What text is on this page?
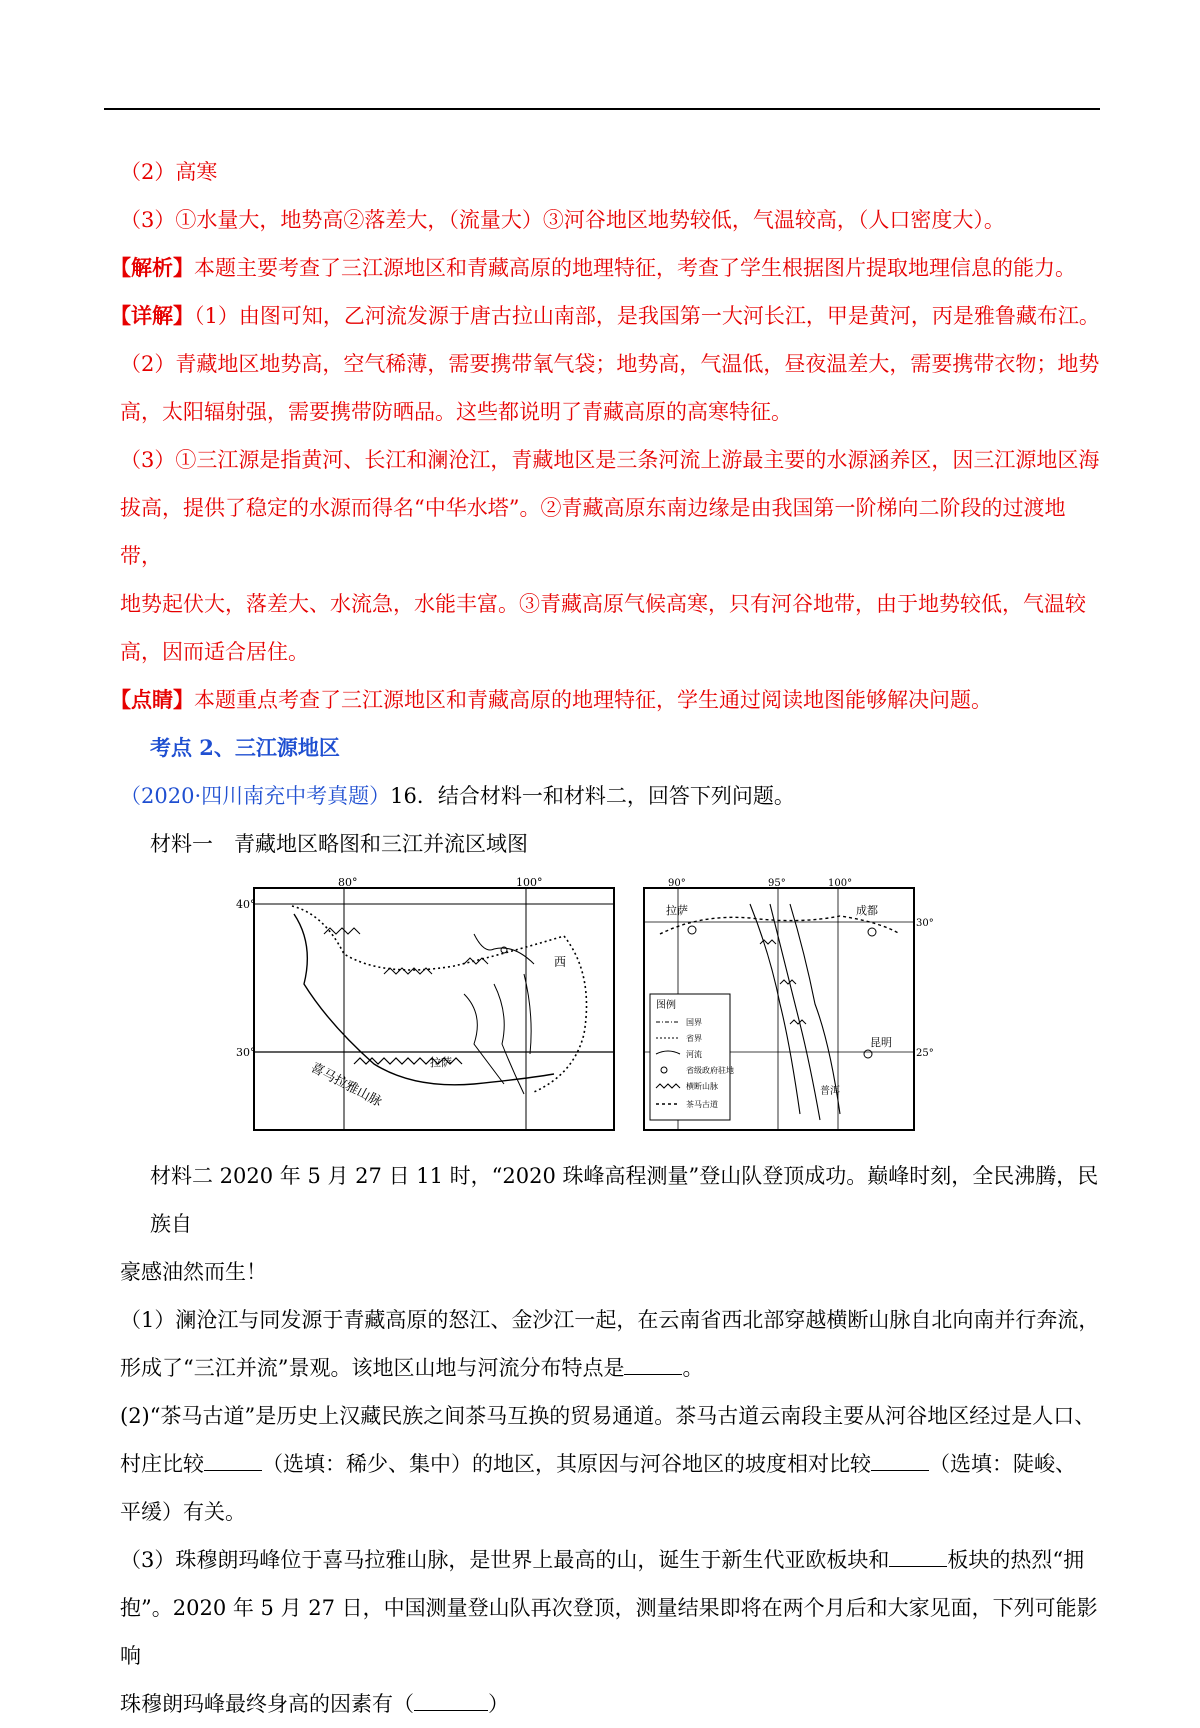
（2）高寒

（3）①水量大，地势高②落差大，（流量大）③河谷地区地势较低，气温较高，（人口密度大）。

【解析】本题主要考查了三江源地区和青藏高原的地理特征，考查了学生根据图片提取地理信息的能力。

【详解】（1）由图可知，乙河流发源于唐古拉山南部，是我国第一大河长江，甲是黄河，丙是雅鲁藏布江。

（2）青藏地区地势高，空气稀薄，需要携带氧气袋；地势高，气温低，昼夜温差大，需要携带衣物；地势

高，太阳辐射强，需要携带防晒品。这些都说明了青藏高原的高寒特征。

（3）①三江源是指黄河、长江和澜沧江，青藏地区是三条河流上游最主要的水源涵养区，因三江源地区海

拔高，提供了稳定的水源而得名“中华水塔”。②青藏高原东南边缘是由我国第一阶梯向二阶段的过渡地带，

地势起伏大，落差大、水流急，水能丰富。③青藏高原气候高寒，只有河谷地带，由于地势较低，气温较

高，因而适合居住。

【点睛】本题重点考查了三江源地区和青藏高原的地理特征，学生通过阅读地图能够解决问题。

考点 2、三江源地区

（2020·四川南充中考真题）16．结合材料一和材料二，回答下列问题。

材料一　青藏地区略图和三江并流区域图

80°	100°
40°
30°
西
拉萨
喜马拉雅山脉
90°	95°	100°
30°
25°
拉萨	成都
昆明
普洱
图例
国界
省界
河流
省级政府驻地
横断山脉
茶马古道

材料二 2020 年 5 月 27 日 11 时，“2020 珠峰高程测量”登山队登顶成功。巅峰时刻，全民沸腾，民族自

豪感油然而生！

（1）澜沧江与同发源于青藏高原的怒江、金沙江一起，在云南省西北部穿越横断山脉自北向南并行奔流，

形成了“三江并流”景观。该地区山地与河流分布特点是	。

(2)“茶马古道”是历史上汉藏民族之间茶马互换的贸易通道。茶马古道云南段主要从河谷地区经过是人口、

村庄比较	（选填：稀少、集中）的地区，其原因与河谷地区的坡度相对比较	（选填：陡峻、

平缓）有关。

（3）珠穆朗玛峰位于喜马拉雅山脉，是世界上最高的山，诞生于新生代亚欧板块和	板块的热烈“拥

抱”。2020 年 5 月 27 日，中国测量登山队再次登顶，测量结果即将在两个月后和大家见面，下列可能影响

珠穆朗玛峰最终身高的因素有（	）
